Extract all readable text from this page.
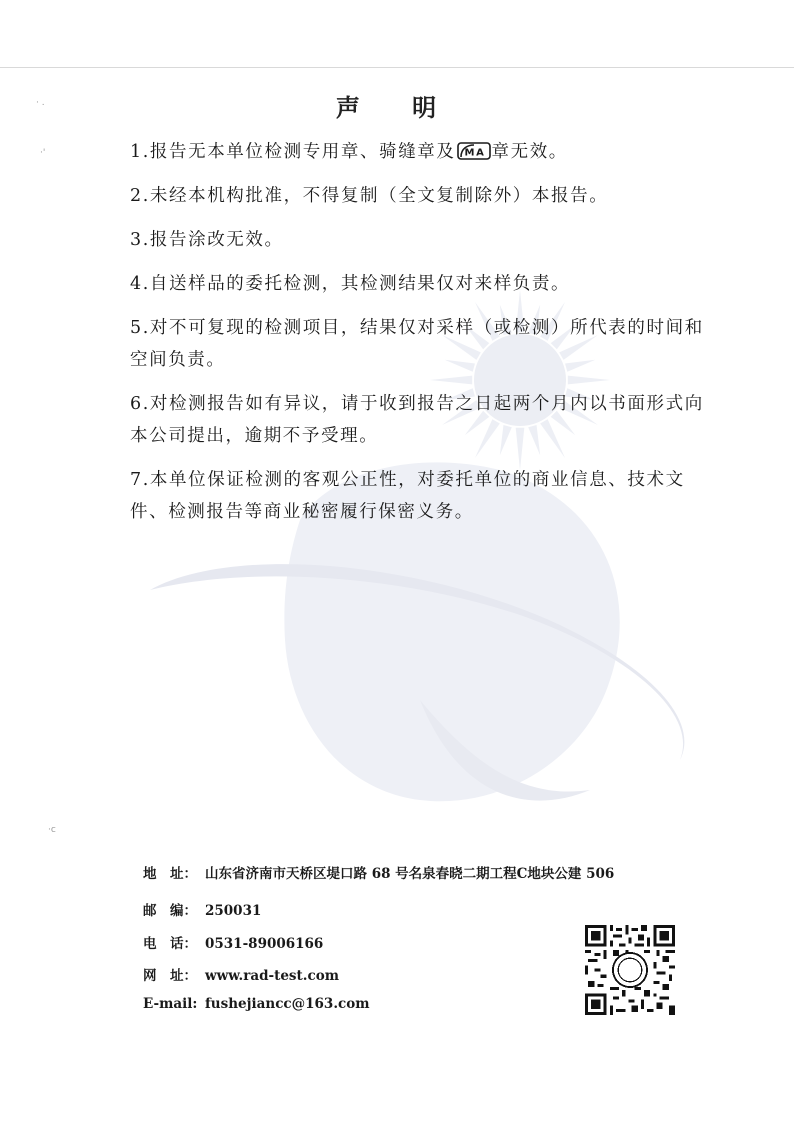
· .
·'
·ⅽ
声 明

1.报告无本单位检测专用章、骑缝章及 MA 章无效。

2.未经本机构批准，不得复制（全文复制除外）本报告。

3.报告涂改无效。

4.自送样品的委托检测，其检测结果仅对来样负责。

5.对不可复现的检测项目，结果仅对采样（或检测）所代表的时间和空间负责。

6.对检测报告如有异议，请于收到报告之日起两个月内以书面形式向本公司提出，逾期不予受理。

7.本单位保证检测的客观公正性，对委托单位的商业信息、技术文件、检测报告等商业秘密履行保密义务。

地　址： 山东省济南市天桥区堤口路 68 号名泉春晓二期工程C地块公建 506
邮　编： 250031
电　话： 0531-89006166
网　址： www.rad-test.com
E-mail: fushejiancc@163.com
